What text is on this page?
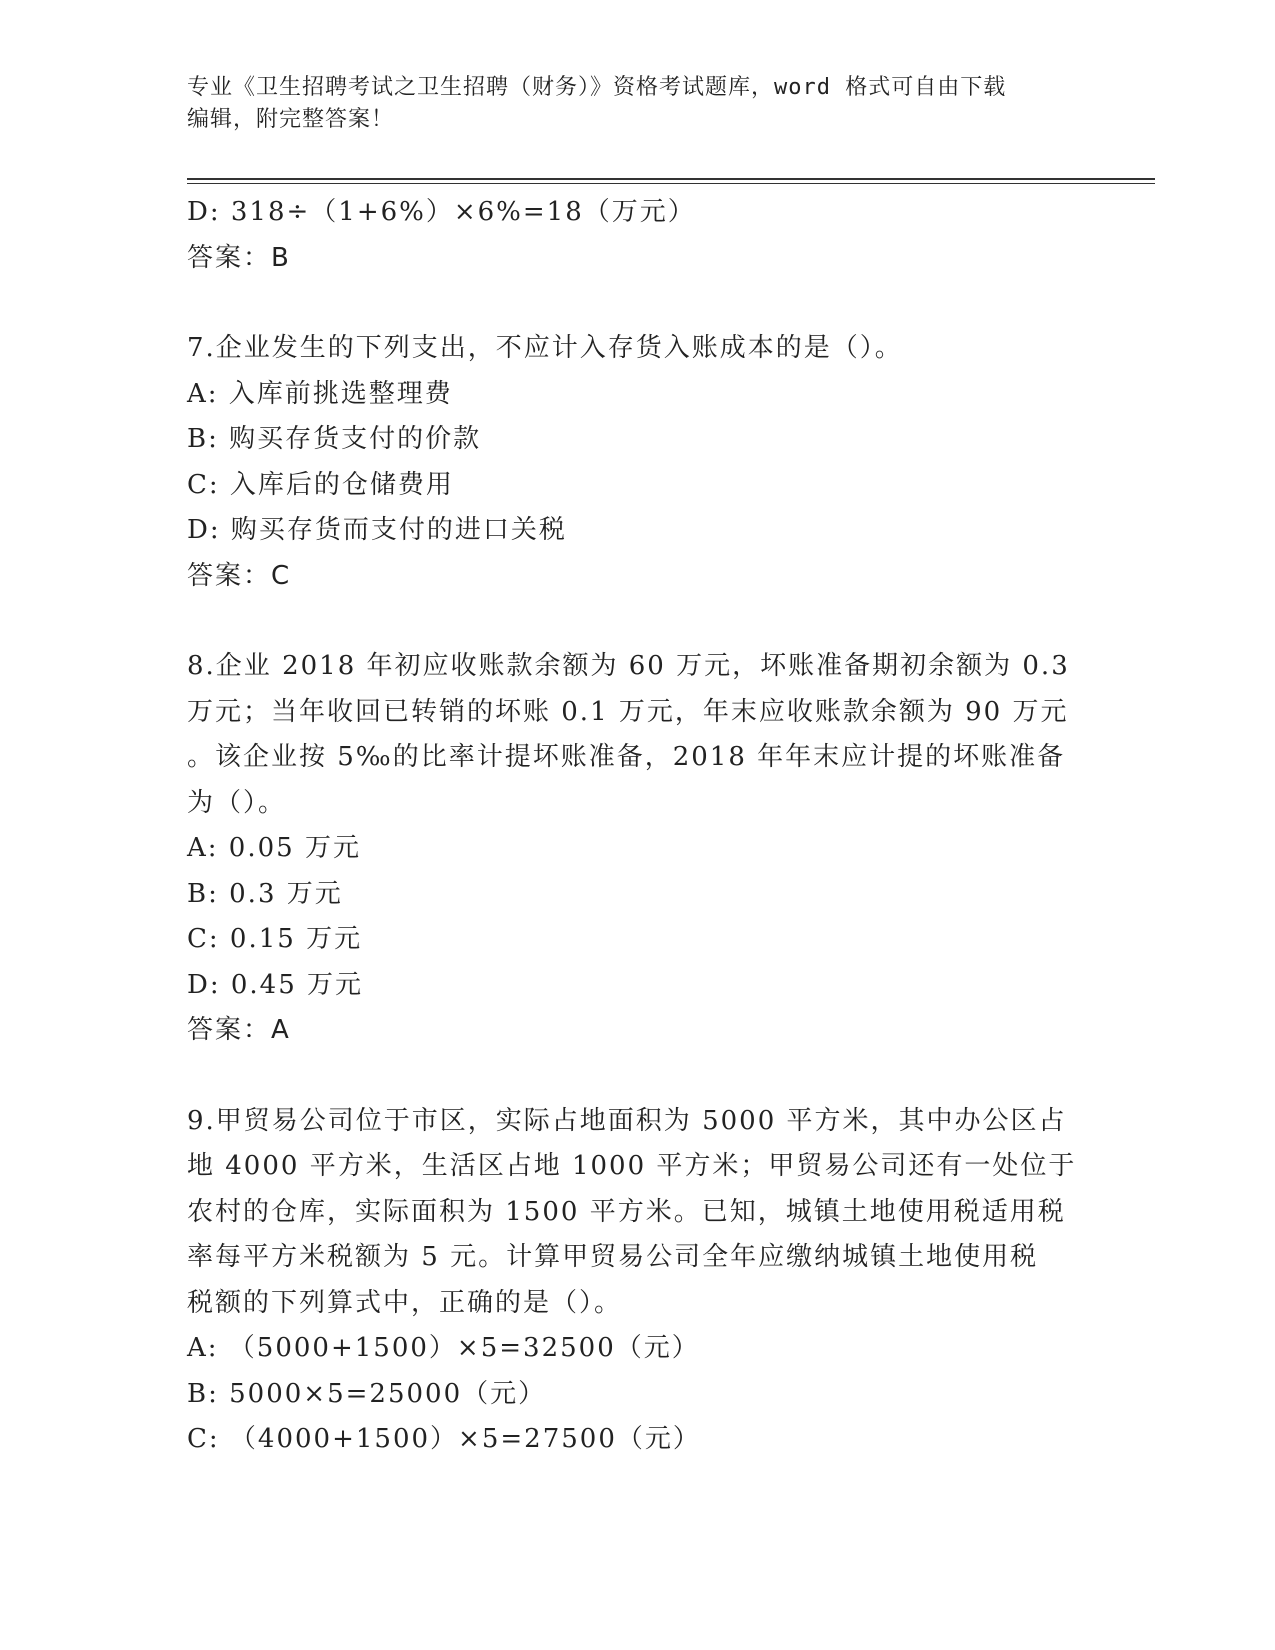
专业《卫生招聘考试之卫生招聘（财务）》资格考试题库，word 格式可自由下载
编辑，附完整答案！
D: 318÷（1+6%）×6%=18（万元）
答案：B
7.企业发生的下列支出，不应计入存货入账成本的是（）。
A: 入库前挑选整理费
B: 购买存货支付的价款
C: 入库后的仓储费用
D: 购买存货而支付的进口关税
答案：C
8.企业 2018 年初应收账款余额为 60 万元，坏账准备期初余额为 0.3
万元；当年收回已转销的坏账 0.1 万元，年末应收账款余额为 90 万元
。该企业按 5‰的比率计提坏账准备，2018 年年末应计提的坏账准备
为（）。
A: 0.05 万元
B: 0.3 万元
C: 0.15 万元
D: 0.45 万元
答案：A
9.甲贸易公司位于市区，实际占地面积为 5000 平方米，其中办公区占
地 4000 平方米，生活区占地 1000 平方米；甲贸易公司还有一处位于
农村的仓库，实际面积为 1500 平方米。已知，城镇土地使用税适用税
率每平方米税额为 5 元。计算甲贸易公司全年应缴纳城镇土地使用税
税额的下列算式中，正确的是（）。
A: （5000+1500）×5=32500（元）
B: 5000×5=25000（元）
C: （4000+1500）×5=27500（元）
